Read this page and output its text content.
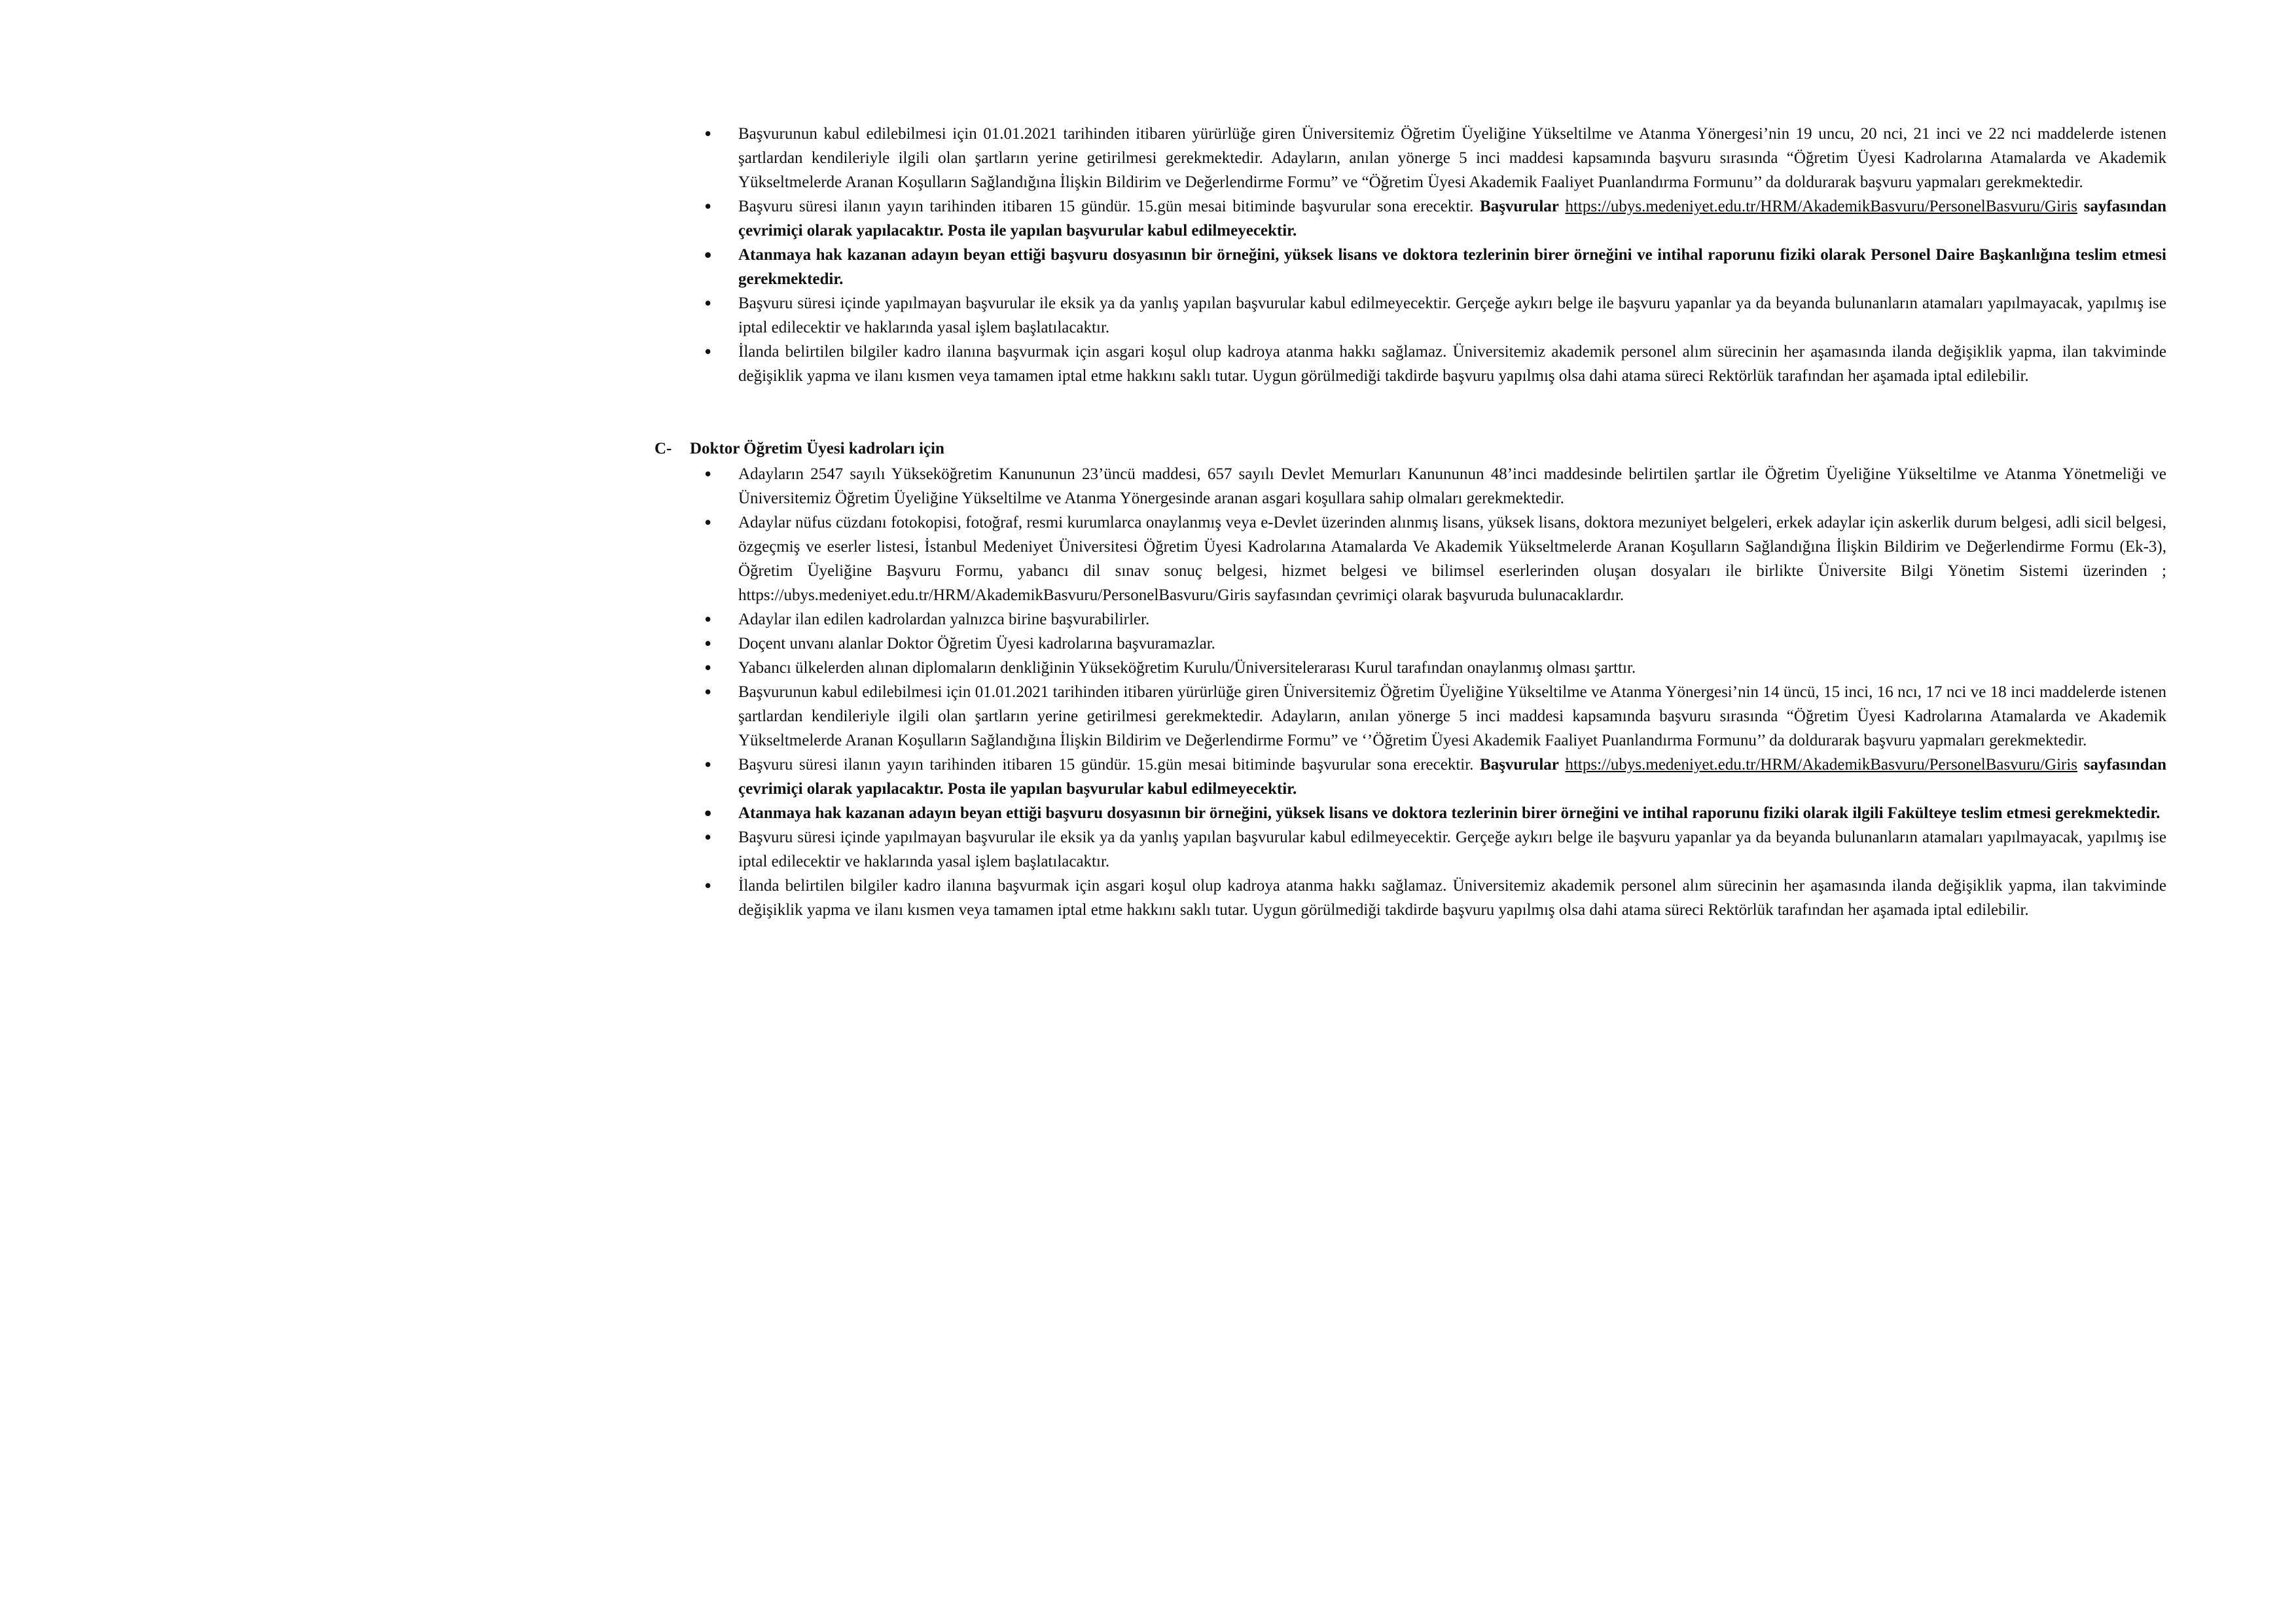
• Başvurunun kabul edilebilmesi için 01.01.2021 tarihinden itibaren yürürlüğe giren Üniversitemiz Öğretim Üyeliğine Yükseltilme ve Atanma Yönergesi’nin 19 uncu, 20 nci, 21 inci ve 22 nci maddelerde istenen şartlardan kendileriyle ilgili olan şartların yerine getirilmesi gerekmektedir. Adayların, anılan yönerge 5 inci maddesi kapsamında başvuru sırasında “Öğretim Üyesi Kadrolarına Atamalarda ve Akademik Yükseltmelerde Aranan Koşulların Sağlandığına İlişkin Bildirim ve Değerlendirme Formu” ve “Öğretim Üyesi Akademik Faaliyet Puanlandırma Formunu’’ da doldurarak başvuru yapmaları gerekmektedir.
• Başvuru süresi ilanın yayın tarihinden itibaren 15 gündür. 15.gün mesai bitiminde başvurular sona erecektir. Başvurular https://ubys.medeniyet.edu.tr/HRM/AkademikBasvuru/PersonelBasvuru/Giris sayfasından çevrimiçi olarak yapılacaktır. Posta ile yapılan başvurular kabul edilmeyecektir.
• Atanmaya hak kazanan adayın beyan ettiği başvuru dosyasının bir örneğini, yüksek lisans ve doktora tezlerinin birer örneğini ve intihal raporunu fiziki olarak Personel Daire Başkanlığına teslim etmesi gerekmektedir.
• Başvuru süresi içinde yapılmayan başvurular ile eksik ya da yanlış yapılan başvurular kabul edilmeyecektir. Gerçeğe aykırı belge ile başvuru yapanlar ya da beyanda bulunanların atamaları yapılmayacak, yapılmış ise iptal edilecektir ve haklarında yasal işlem başlatılacaktır.
• İlanda belirtilen bilgiler kadro ilanına başvurmak için asgari koşul olup kadroya atanma hakkı sağlamaz. Üniversitemiz akademik personel alım sürecinin her aşamasında ilanda değişiklik yapma, ilan takviminde değişiklik yapma ve ilanı kısmen veya tamamen iptal etme hakkını saklı tutar. Uygun görülmediği takdirde başvuru yapılmış olsa dahi atama süreci Rektörlük tarafından her aşamada iptal edilebilir.
C- Doktor Öğretim Üyesi kadroları için
• Adayların 2547 sayılı Yükseköğretim Kanununun 23’üncü maddesi, 657 sayılı Devlet Memurları Kanununun 48’inci maddesinde belirtilen şartlar ile Öğretim Üyeliğine Yükseltilme ve Atanma Yönetmeliği ve Üniversitemiz Öğretim Üyeliğine Yükseltilme ve Atanma Yönergesinde aranan asgari koşullara sahip olmaları gerekmektedir.
• Adaylar nüfus cüzdanı fotokopisi, fotoğraf, resmi kurumlarca onaylanmış veya e-Devlet üzerinden alınmış lisans, yüksek lisans, doktora mezuniyet belgeleri, erkek adaylar için askerlik durum belgesi, adli sicil belgesi, özgeçmiş ve eserler listesi, İstanbul Medeniyet Üniversitesi Öğretim Üyesi Kadrolarına Atamalarda Ve Akademik Yükseltmelerde Aranan Koşulların Sağlandığına İlişkin Bildirim ve Değerlendirme Formu (Ek-3), Öğretim Üyeliğine Başvuru Formu, yabancı dil sınav sonuç belgesi, hizmet belgesi ve bilimsel eserlerinden oluşan dosyaları ile birlikte Üniversite Bilgi Yönetim Sistemi üzerinden ; https://ubys.medeniyet.edu.tr/HRM/AkademikBasvuru/PersonelBasvuru/Giris sayfasından çevrimiçi olarak başvuruda bulunacaklardır.
• Adaylar ilan edilen kadrolardan yalnızca birine başvurabilirler.
• Doçent unvanı alanlar Doktor Öğretim Üyesi kadrolarına başvuramazlar.
• Yabancı ülkelerden alınan diplomaların denkliğinin Yükseköğretim Kurulu/Üniversitelerarası Kurul tarafından onaylanmış olması şarttır.
• Başvurunun kabul edilebilmesi için 01.01.2021 tarihinden itibaren yürürlüğe giren Üniversitemiz Öğretim Üyeliğine Yükseltilme ve Atanma Yönergesi’nin 14 üncü, 15 inci, 16 ncı, 17 nci ve 18 inci maddelerde istenen şartlardan kendileriyle ilgili olan şartların yerine getirilmesi gerekmektedir. Adayların, anılan yönerge 5 inci maddesi kapsamında başvuru sırasında “Öğretim Üyesi Kadrolarına Atamalarda ve Akademik Yükseltmelerde Aranan Koşulların Sağlandığına İlişkin Bildirim ve Değerlendirme Formu” ve ‘’Öğretim Üyesi Akademik Faaliyet Puanlandırma Formunu’’ da doldurarak başvuru yapmaları gerekmektedir.
• Başvuru süresi ilanın yayın tarihinden itibaren 15 gündür. 15.gün mesai bitiminde başvurular sona erecektir. Başvurular https://ubys.medeniyet.edu.tr/HRM/AkademikBasvuru/PersonelBasvuru/Giris sayfasından çevrimiçi olarak yapılacaktır. Posta ile yapılan başvurular kabul edilmeyecektir.
• Atanmaya hak kazanan adayın beyan ettiği başvuru dosyasının bir örneğini, yüksek lisans ve doktora tezlerinin birer örneğini ve intihal raporunu fiziki olarak ilgili Fakülteye teslim etmesi gerekmektedir.
• Başvuru süresi içinde yapılmayan başvurular ile eksik ya da yanlış yapılan başvurular kabul edilmeyecektir. Gerçeğe aykırı belge ile başvuru yapanlar ya da beyanda bulunanların atamaları yapılmayacak, yapılmış ise iptal edilecektir ve haklarında yasal işlem başlatılacaktır.
• İlanda belirtilen bilgiler kadro ilanına başvurmak için asgari koşul olup kadroya atanma hakkı sağlamaz. Üniversitemiz akademik personel alım sürecinin her aşamasında ilanda değişiklik yapma, ilan takviminde değişiklik yapma ve ilanı kısmen veya tamamen iptal etme hakkını saklı tutar. Uygun görülmediği takdirde başvuru yapılmış olsa dahi atama süreci Rektörlük tarafından her aşamada iptal edilebilir.
